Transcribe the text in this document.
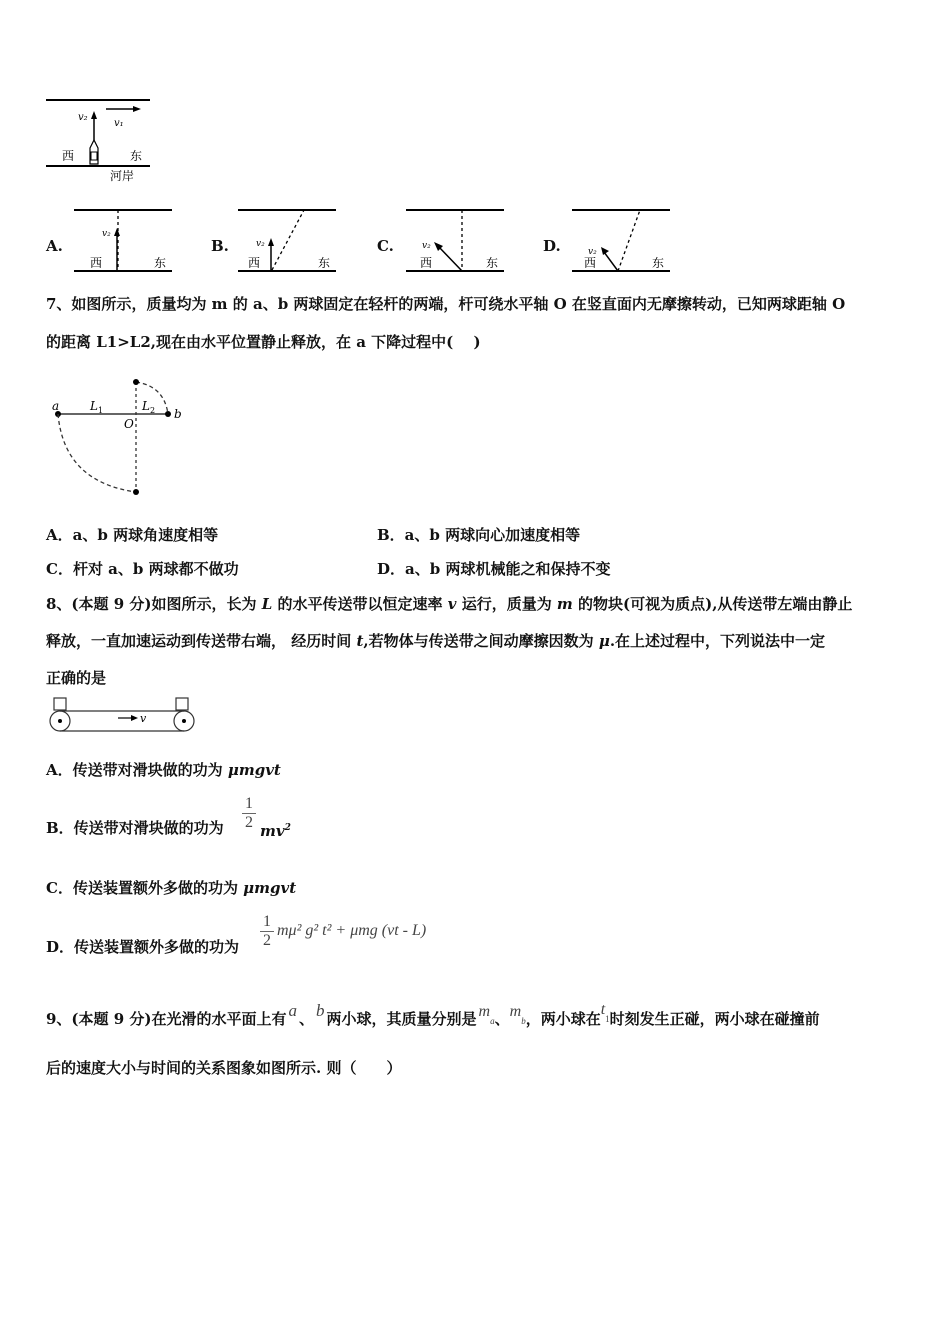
v₂
v₁
西	东
河岸
A.
v₂
西	东
B.	v₂
西	东
C.	v₂
西	东
D.	v₂
西	东
7、如图所示，质量均为 m 的 a、b 两球固定在轻杆的两端，杆可绕水平轴 O 在竖直面内无摩擦转动，已知两球距轴 O
的距离 L1>L2,现在由水平位置静止释放，在 a 下降过程中(　 )
a
b
O
L 1	L 2
A．a、b 两球角速度相等	B．a、b 两球向心加速度相等
C．杆对 a、b 两球都不做功	D．a、b 两球机械能之和保持不变
8、(本题 9 分)如图所示，长为 L 的水平传送带以恒定速率 v 运行，质量为 m 的物块(可视为质点),从传送带左端由静止
释放，一直加速运动到传送带右端， 经历时间 t,若物体与传送带之间动摩擦因数为 μ.在上述过程中，下列说法中一定
正确的是
v
A．传送带对滑块做的功为 μmgvt
B．传送带对滑块做的功为
1
2 $mv^2$
C．传送装置额外多做的功为 μmgvt
D．传送装置额外多做的功为
1
2
mμ² g² t² + μmg (vt - L)
9、(本题 9 分)在光滑的水平面上有 a 、 b 两小球，其质量分别是 $m_a$、$m_b$，两小球在$t_1$时刻发生正碰，两小球在碰撞前
后的速度大小与时间的关系图象如图所示. 则（　　）
